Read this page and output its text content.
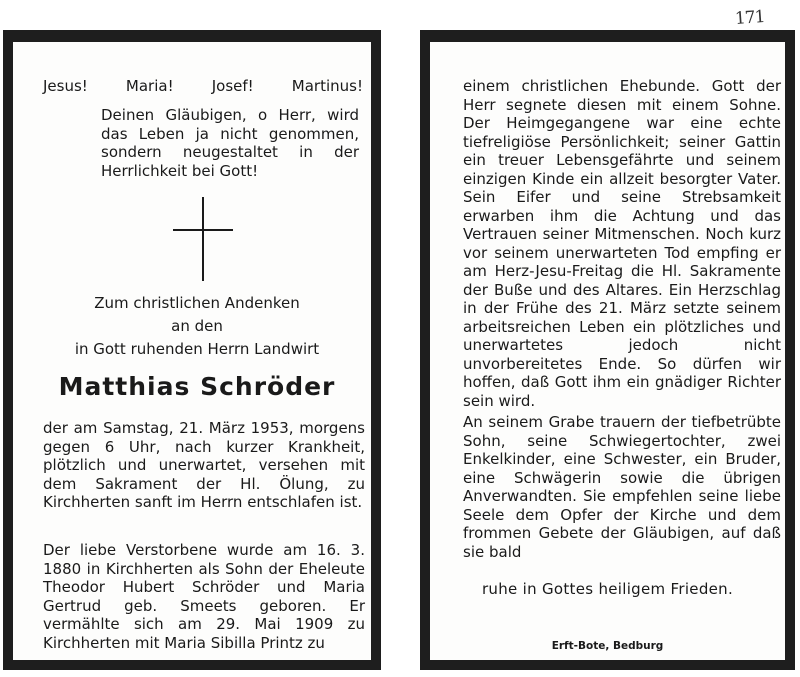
171
Jesus!	Maria!	Josef!	Martinus!
Deinen Gläubigen, o Herr, wird das Leben ja nicht genommen, sondern neugestaltet in der Herrlichkeit bei Gott!
Zum christlichen Andenken
an den
in Gott ruhenden Herrn Landwirt
Matthias Schröder
der am Samstag, 21. März 1953, morgens gegen 6 Uhr, nach kurzer Krankheit, plötzlich und unerwartet, versehen mit dem Sakrament der Hl. Ölung, zu Kirchherten sanft im Herrn entschlafen ist.
Der liebe Verstorbene wurde am 16. 3. 1880 in Kirchherten als Sohn der Eheleute Theodor Hubert Schröder und Maria Gertrud geb. Smeets geboren. Er vermählte sich am 29. Mai 1909 zu Kirchherten mit Maria Sibilla Printz zu
einem christlichen Ehebunde. Gott der Herr segnete diesen mit einem Sohne. Der Heimgegangene war eine echte tiefreligiöse Persönlichkeit; seiner Gattin ein treuer Lebensgefährte und seinem einzigen Kinde ein allzeit besorgter Vater. Sein Eifer und seine Strebsamkeit erwarben ihm die Achtung und das Vertrauen seiner Mitmenschen. Noch kurz vor seinem unerwarteten Tod empfing er am Herz-Jesu-Freitag die Hl. Sakramente der Buße und des Altares. Ein Herzschlag in der Frühe des 21. März setzte seinem arbeitsreichen Leben ein plötzliches und unerwartetes jedoch nicht unvorbereitetes Ende. So dürfen wir hoffen, daß Gott ihm ein gnädiger Richter sein wird.
An seinem Grabe trauern der tiefbetrübte Sohn, seine Schwiegertochter, zwei Enkelkinder, eine Schwester, ein Bruder, eine Schwägerin sowie die übrigen Anverwandten. Sie empfehlen seine liebe Seele dem Opfer der Kirche und dem frommen Gebete der Gläubigen, auf daß sie bald
ruhe in Gottes heiligem Frieden.
Erft-Bote, Bedburg
